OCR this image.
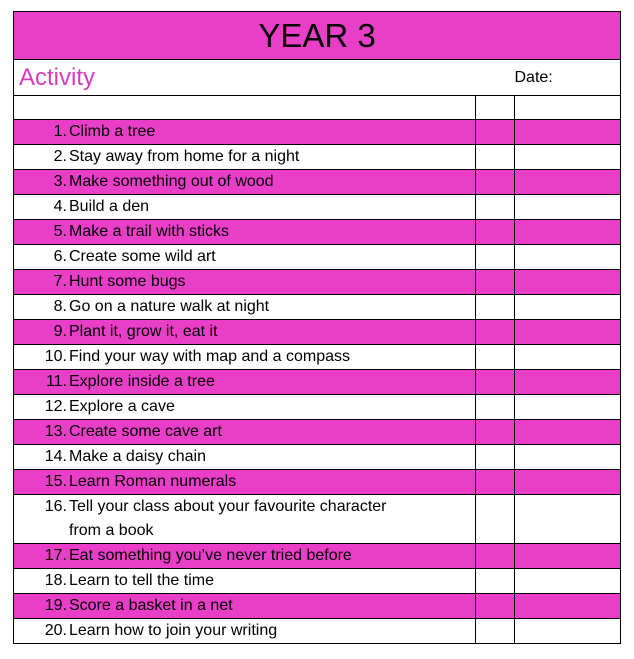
YEAR 3		
Activity		Date:

1. Climb a tree		

2. Stay away from home for a night		

3. Make something out of wood		

4. Build a den		

5. Make a trail with sticks		

6. Create some wild art		

7. Hunt some bugs		

8. Go on a nature walk at night		

9. Plant it, grow it, eat it		

10. Find your way with map and a compass		

11. Explore inside a tree		

12. Explore a cave		

13. Create some cave art		

14. Make a daisy chain		

15. Learn Roman numerals		

16. Tell your class about your favourite character
from a book		

17. Eat something you’ve never tried before		

18. Learn to tell the time		

19. Score a basket in a net		

20. Learn how to join your writing		
